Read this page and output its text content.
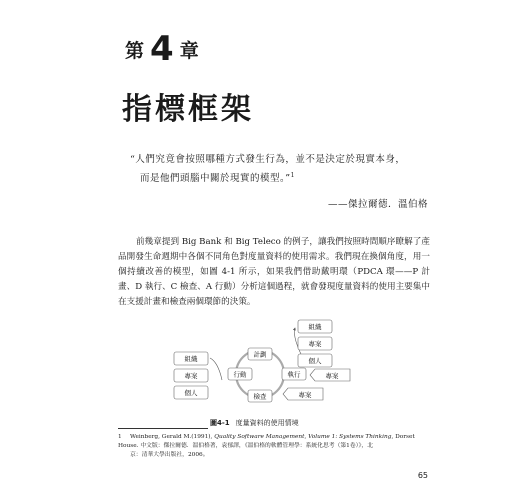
第 4 章
指標框架
“人們究竟會按照哪種方式發生行為，並不是決定於現實本身，
而是他們頭腦中關於現實的模型。”$^1$
——傑拉爾德．溫伯格

前幾章提到 Big Bank 和 Big Teleco 的例子，讓我們按照時間順序瞭解了產品開發生命週期中各個不同角色對度量資料的使用需求。我們現在換個角度，用一個持續改善的模型，如圖 4-1 所示，如果我們借助戴明環（PDCA 環——P 計畫、D 執行、C 檢查、A 行動）分析這個過程，就會發現度量資料的使用主要集中在支援計畫和檢查兩個環節的決策。

組織
專案
個人
計劃
行動	執行
檢查
組織
專案
個人
專案
專案
圖4-1 度量資料的使用情境
1 Weinberg, Gerald M.(1991), Quality Software Management, Volume 1: Systems Thinking, Dorset House. 中文版：傑拉爾德．溫伯格著，袁郁譯，《溫伯格的軟體管理學：系統化思考（第1卷）》，北
京：清華大學出版社，2006。
65
